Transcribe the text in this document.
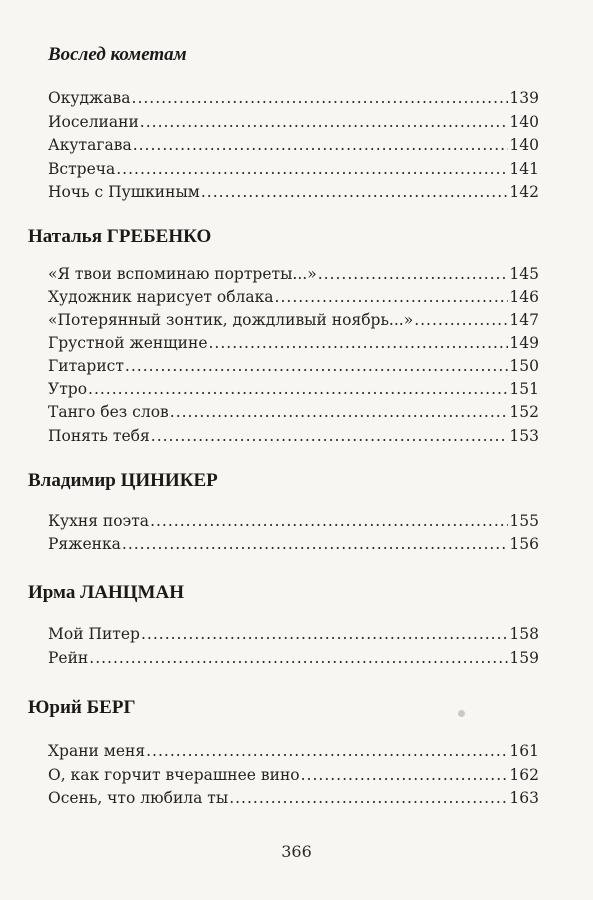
Вослед кометам
Окуджава .....	139
Иоселиани .....	140
Акутагава .....	140
Встреча .....	141
Ночь с Пушкиным .....	142
Наталья ГРЕБЕНКО
«Я твои вспоминаю портреты...» .....	145
Художник нарисует облака .....	146
«Потерянный зонтик, дождливый ноябрь...» .....	147
Грустной женщине .....	149
Гитарист .....	150
Утро .....	151
Танго без слов .....	152
Понять тебя .....	153
Владимир ЦИНИКЕР
Кухня поэта .....	155
Ряженка .....	156
Ирма ЛАНЦМАН
Мой Питер .....	158
Рейн .....	159
Юрий БЕРГ
Храни меня .....	161
О, как горчит вчерашнее вино .....	162
Осень, что любила ты .....	163
366
